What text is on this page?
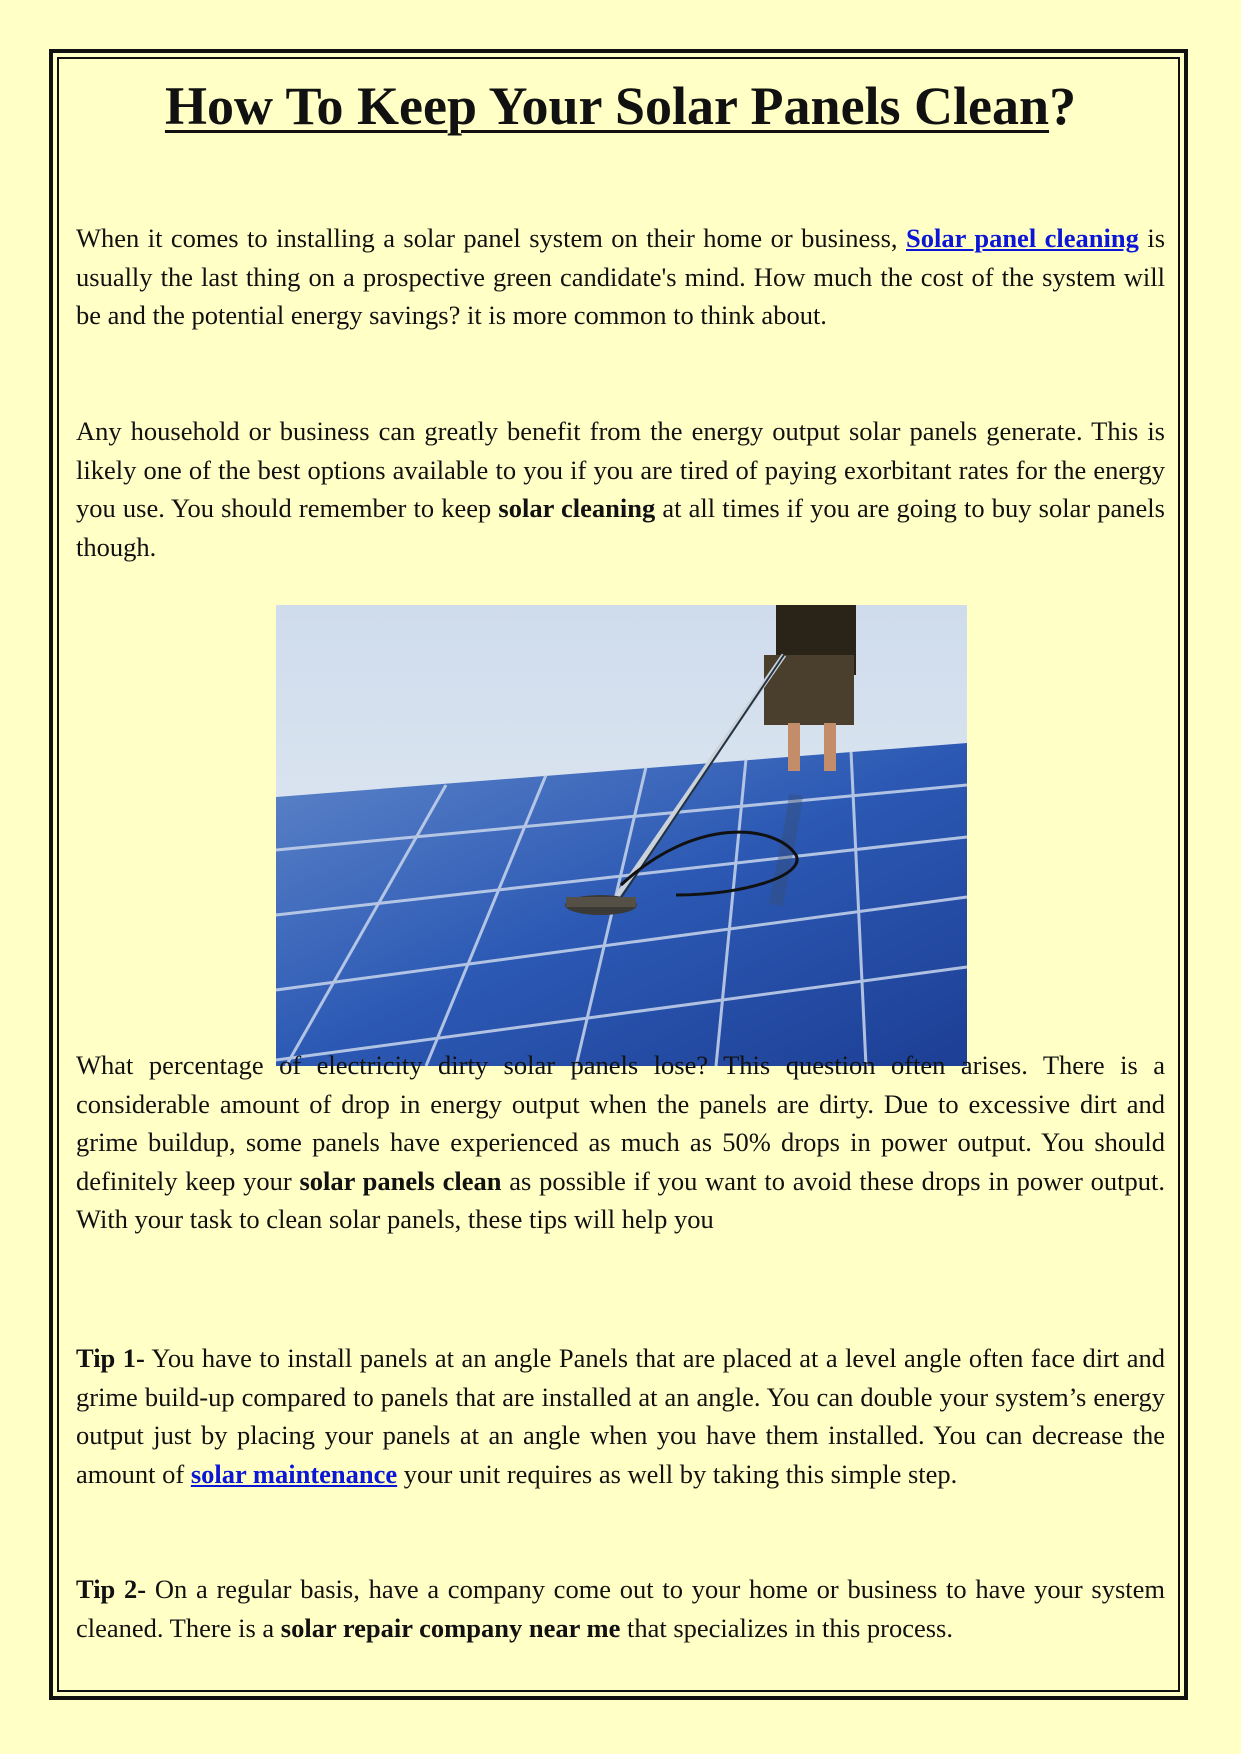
How To Keep Your Solar Panels Clean?

When it comes to installing a solar panel system on their home or business, Solar panel cleaning is usually the last thing on a prospective green candidate's mind. How much the cost of the system will be and the potential energy savings? it is more common to think about.

Any household or business can greatly benefit from the energy output solar panels generate. This is likely one of the best options available to you if you are tired of paying exorbitant rates for the energy you use. You should remember to keep solar cleaning at all times if you are going to buy solar panels though.

What percentage of electricity dirty solar panels lose? This question often arises. There is a considerable amount of drop in energy output when the panels are dirty. Due to excessive dirt and grime buildup, some panels have experienced as much as 50% drops in power output. You should definitely keep your solar panels clean as possible if you want to avoid these drops in power output. With your task to clean solar panels, these tips will help you

Tip 1- You have to install panels at an angle Panels that are placed at a level angle often face dirt and grime build-up compared to panels that are installed at an angle. You can double your system’s energy output just by placing your panels at an angle when you have them installed. You can decrease the amount of solar maintenance your unit requires as well by taking this simple step.

Tip 2- On a regular basis, have a company come out to your home or business to have your system cleaned. There is a solar repair company near me that specializes in this process.
